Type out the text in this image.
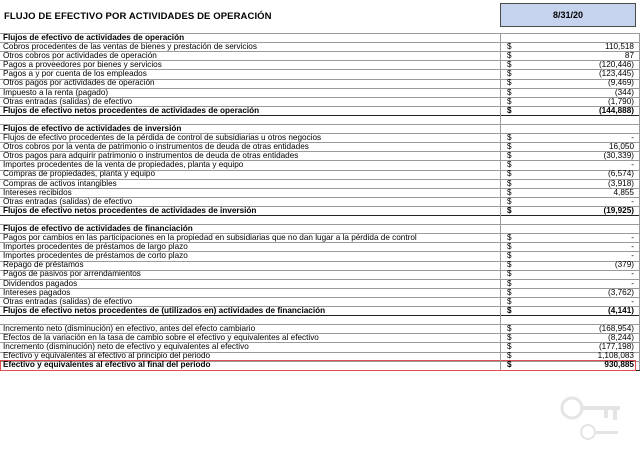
FLUJO DE EFECTIVO POR ACTIVIDADES DE OPERACIÓN	8/31/20
Flujos de efectivo de actividades de operación
Cobros procedentes de las ventas de bienes y prestación de servicios	$	110,518
Otros cobros por actividades de operación	$	87
Pagos a proveedores por bienes y servicios	$	(120,446)
Pagos a y por cuenta de los empleados	$	(123,445)
Otros pagos por actividades de operación	$	(9,469)
Impuesto a la renta (pagado)	$	(344)
Otras entradas (salidas) de efectivo	$	(1,790)
Flujos de efectivo netos procedentes de actividades de operación	$	(144,888)
Flujos de efectivo de actividades de inversión
Flujos de efectivo procedentes de la pérdida de control de subsidiarias u otros negocios	$	-
Otros cobros por la venta de patrimonio o instrumentos de deuda de otras entidades	$	16,050
Otros pagos para adquirir patrimonio o instrumentos de deuda de otras entidades	$	(30,339)
Importes procedentes de la venta de propiedades, planta y equipo	$	-
Compras de propiedades, planta y equipo	$	(6,574)
Compras de activos intangibles	$	(3,918)
Intereses recibidos	$	4,855
Otras entradas (salidas) de efectivo	$	-
Flujos de efectivo netos procedentes de actividades de inversión	$	(19,925)
Flujos de efectivo de actividades de financiación
Pagos por cambios en las participaciones en la propiedad en subsidiarias que no dan lugar a la pérdida de control	$	-
Importes procedentes de préstamos de largo plazo	$	-
Importes procedentes de préstamos de corto plazo	$	-
Repago de préstamos	$	(379)
Pagos de pasivos por arrendamientos	$	-
Dividendos pagados	$	-
Intereses pagados	$	(3,762)
Otras entradas (salidas) de efectivo	$	-
Flujos de efectivo netos procedentes de (utilizados en) actividades de financiación	$	(4,141)
Incremento neto (disminución) en efectivo, antes del efecto cambiario	$	(168,954)
Efectos de la variación en la tasa de cambio sobre el efectivo y equivalentes al efectivo	$	(8,244)
Incremento (disminución) neto de efectivo y equivalentes al efectivo	$	(177,198)
Efectivo y equivalentes al efectivo al principio del periodo	$	1,108,083
Efectivo y equivalentes al efectivo al final del periodo	$	930,885
